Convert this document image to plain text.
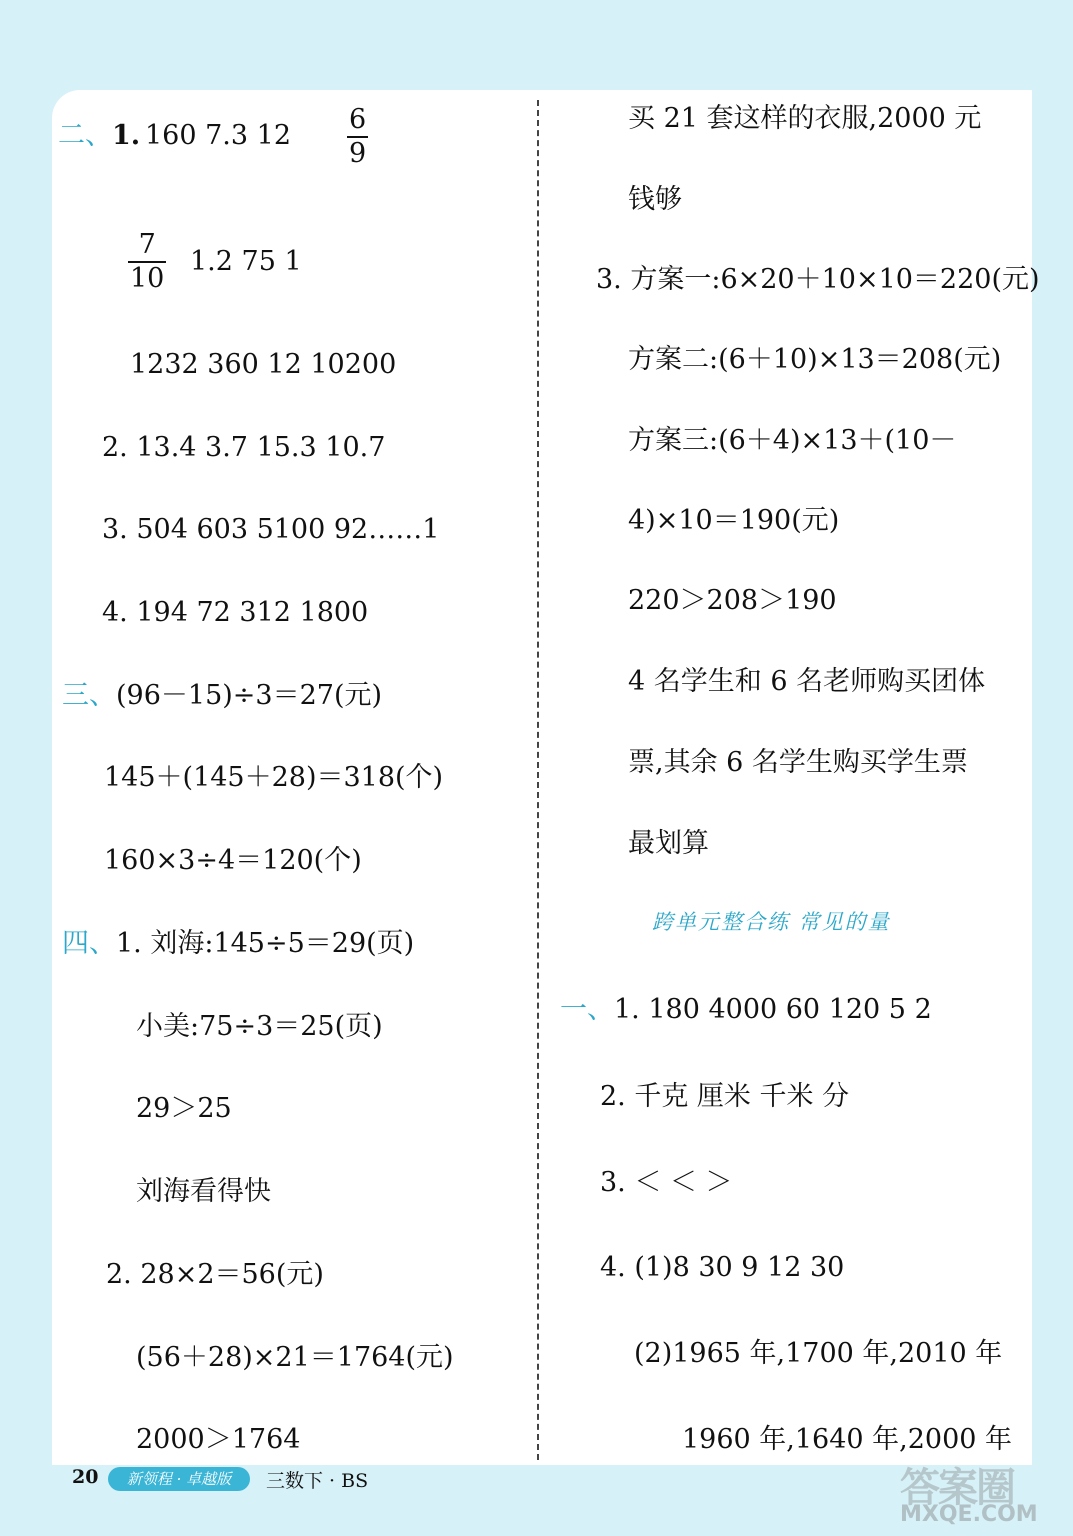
二、1. 160 7.3 $12 \frac{6}{9}$
$\frac{7}{10} 1.2$ 75 1
1232 360 12 10200
2. 13.4 3.7 15.3 10.7
3. 504 603 5100 92……1
4. 194 72 312 1800
三、(96－15)÷3＝27(元)
145＋(145＋28)＝318(个)
160×3÷4＝120(个)
四、1. 刘海:145÷5＝29(页)
小美:75÷3＝25(页)
29＞25
刘海看得快
2. 28×2＝56(元)
(56＋28)×21＝1764(元)
2000＞1764
买 21 套这样的衣服,2000 元
钱够
3. 方案一:6×20＋10×10＝220(元)
方案二:(6＋10)×13＝208(元)
方案三:(6＋4)×13＋(10－
4)×10＝190(元)
220＞208＞190
4 名学生和 6 名老师购买团体
票,其余 6 名学生购买学生票
最划算
跨单元整合练 常见的量
一、1. 180 4000 60 120 5 2
2. 千克 厘米 千米 分
3. ＜ ＜ ＞
4. (1)8 30 9 12 30
(2)1965 年,1700 年,2010 年
1960 年,1640 年,2000 年
20	新领程 · 卓越版	三数下 · BS	答案圈
MXQE.COM
